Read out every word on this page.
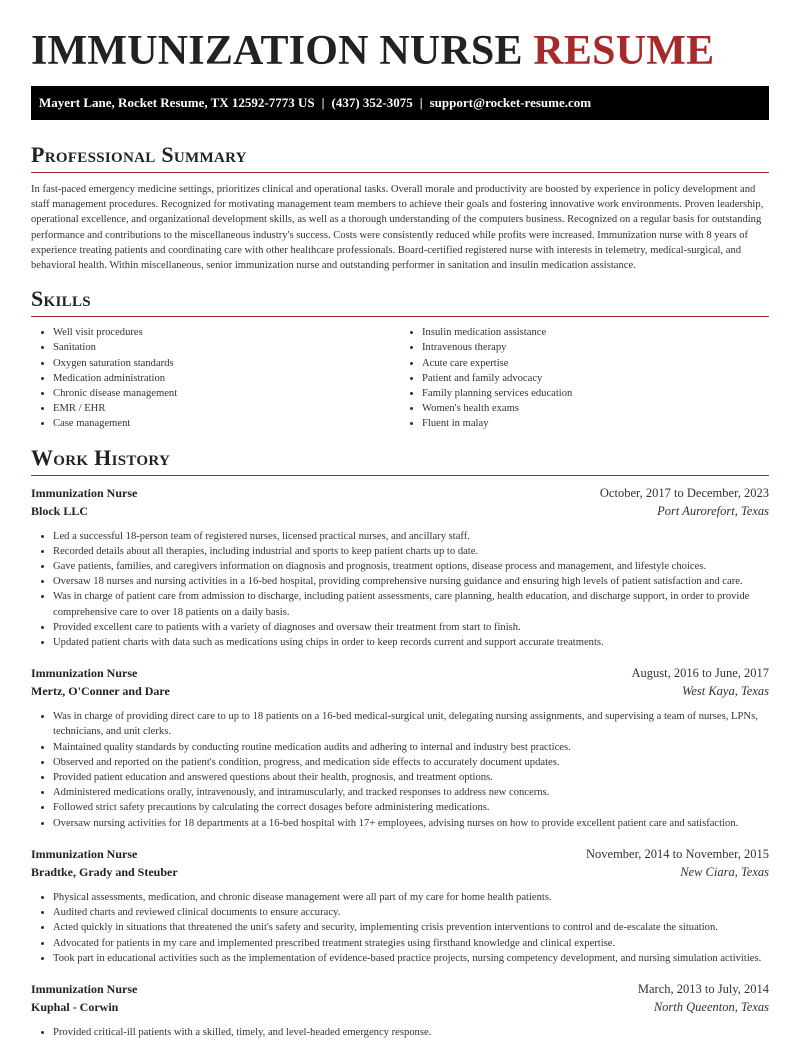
IMMUNIZATION NURSE RESUME
Mayert Lane, Rocket Resume, TX 12592-7773 US | (437) 352-3075 | support@rocket-resume.com
Professional Summary

In fast-paced emergency medicine settings, prioritizes clinical and operational tasks. Overall morale and productivity are boosted by experience in policy development and staff management procedures. Recognized for motivating management team members to achieve their goals and fostering innovative work environments. Proven leadership, operational excellence, and organizational development skills, as well as a thorough understanding of the computers business. Recognized on a regular basis for outstanding performance and contributions to the miscellaneous industry's success. Costs were consistently reduced while profits were increased. Immunization nurse with 8 years of experience treating patients and coordinating care with other healthcare professionals. Board-certified registered nurse with interests in telemetry, medical-surgical, and behavioral health. Within miscellaneous, senior immunization nurse and outstanding performer in sanitation and insulin medication assistance.

Skills
• Well visit procedures
• Sanitation
• Oxygen saturation standards
• Medication administration
• Chronic disease management
• EMR / EHR
• Case management
• Insulin medication assistance
• Intravenous therapy
• Acute care expertise
• Patient and family advocacy
• Family planning services education
• Women's health exams
• Fluent in malay
Work History
Immunization Nurse	October, 2017 to December, 2023
Block LLC	Port Aurorefort, Texas
• Led a successful 18-person team of registered nurses, licensed practical nurses, and ancillary staff.
• Recorded details about all therapies, including industrial and sports to keep patient charts up to date.
• Gave patients, families, and caregivers information on diagnosis and prognosis, treatment options, disease process and management, and lifestyle choices.
• Oversaw 18 nurses and nursing activities in a 16-bed hospital, providing comprehensive nursing guidance and ensuring high levels of patient satisfaction and care.
• Was in charge of patient care from admission to discharge, including patient assessments, care planning, health education, and discharge support, in order to provide comprehensive care to over 18 patients on a daily basis.
• Provided excellent care to patients with a variety of diagnoses and oversaw their treatment from start to finish.
• Updated patient charts with data such as medications using chips in order to keep records current and support accurate treatments.
Immunization Nurse	August, 2016 to June, 2017
Mertz, O'Conner and Dare	West Kaya, Texas
• Was in charge of providing direct care to up to 18 patients on a 16-bed medical-surgical unit, delegating nursing assignments, and supervising a team of nurses, LPNs, technicians, and unit clerks.
• Maintained quality standards by conducting routine medication audits and adhering to internal and industry best practices.
• Observed and reported on the patient's condition, progress, and medication side effects to accurately document updates.
• Provided patient education and answered questions about their health, prognosis, and treatment options.
• Administered medications orally, intravenously, and intramuscularly, and tracked responses to address new concerns.
• Followed strict safety precautions by calculating the correct dosages before administering medications.
• Oversaw nursing activities for 18 departments at a 16-bed hospital with 17+ employees, advising nurses on how to provide excellent patient care and satisfaction.
Immunization Nurse	November, 2014 to November, 2015
Bradtke, Grady and Steuber	New Ciara, Texas
• Physical assessments, medication, and chronic disease management were all part of my care for home health patients.
• Audited charts and reviewed clinical documents to ensure accuracy.
• Acted quickly in situations that threatened the unit's safety and security, implementing crisis prevention interventions to control and de-escalate the situation.
• Advocated for patients in my care and implemented prescribed treatment strategies using firsthand knowledge and clinical expertise.
• Took part in educational activities such as the implementation of evidence-based practice projects, nursing competency development, and nursing simulation activities.
Immunization Nurse	March, 2013 to July, 2014
Kuphal - Corwin	North Queenton, Texas
• Provided critical-ill patients with a skilled, timely, and level-headed emergency response.
